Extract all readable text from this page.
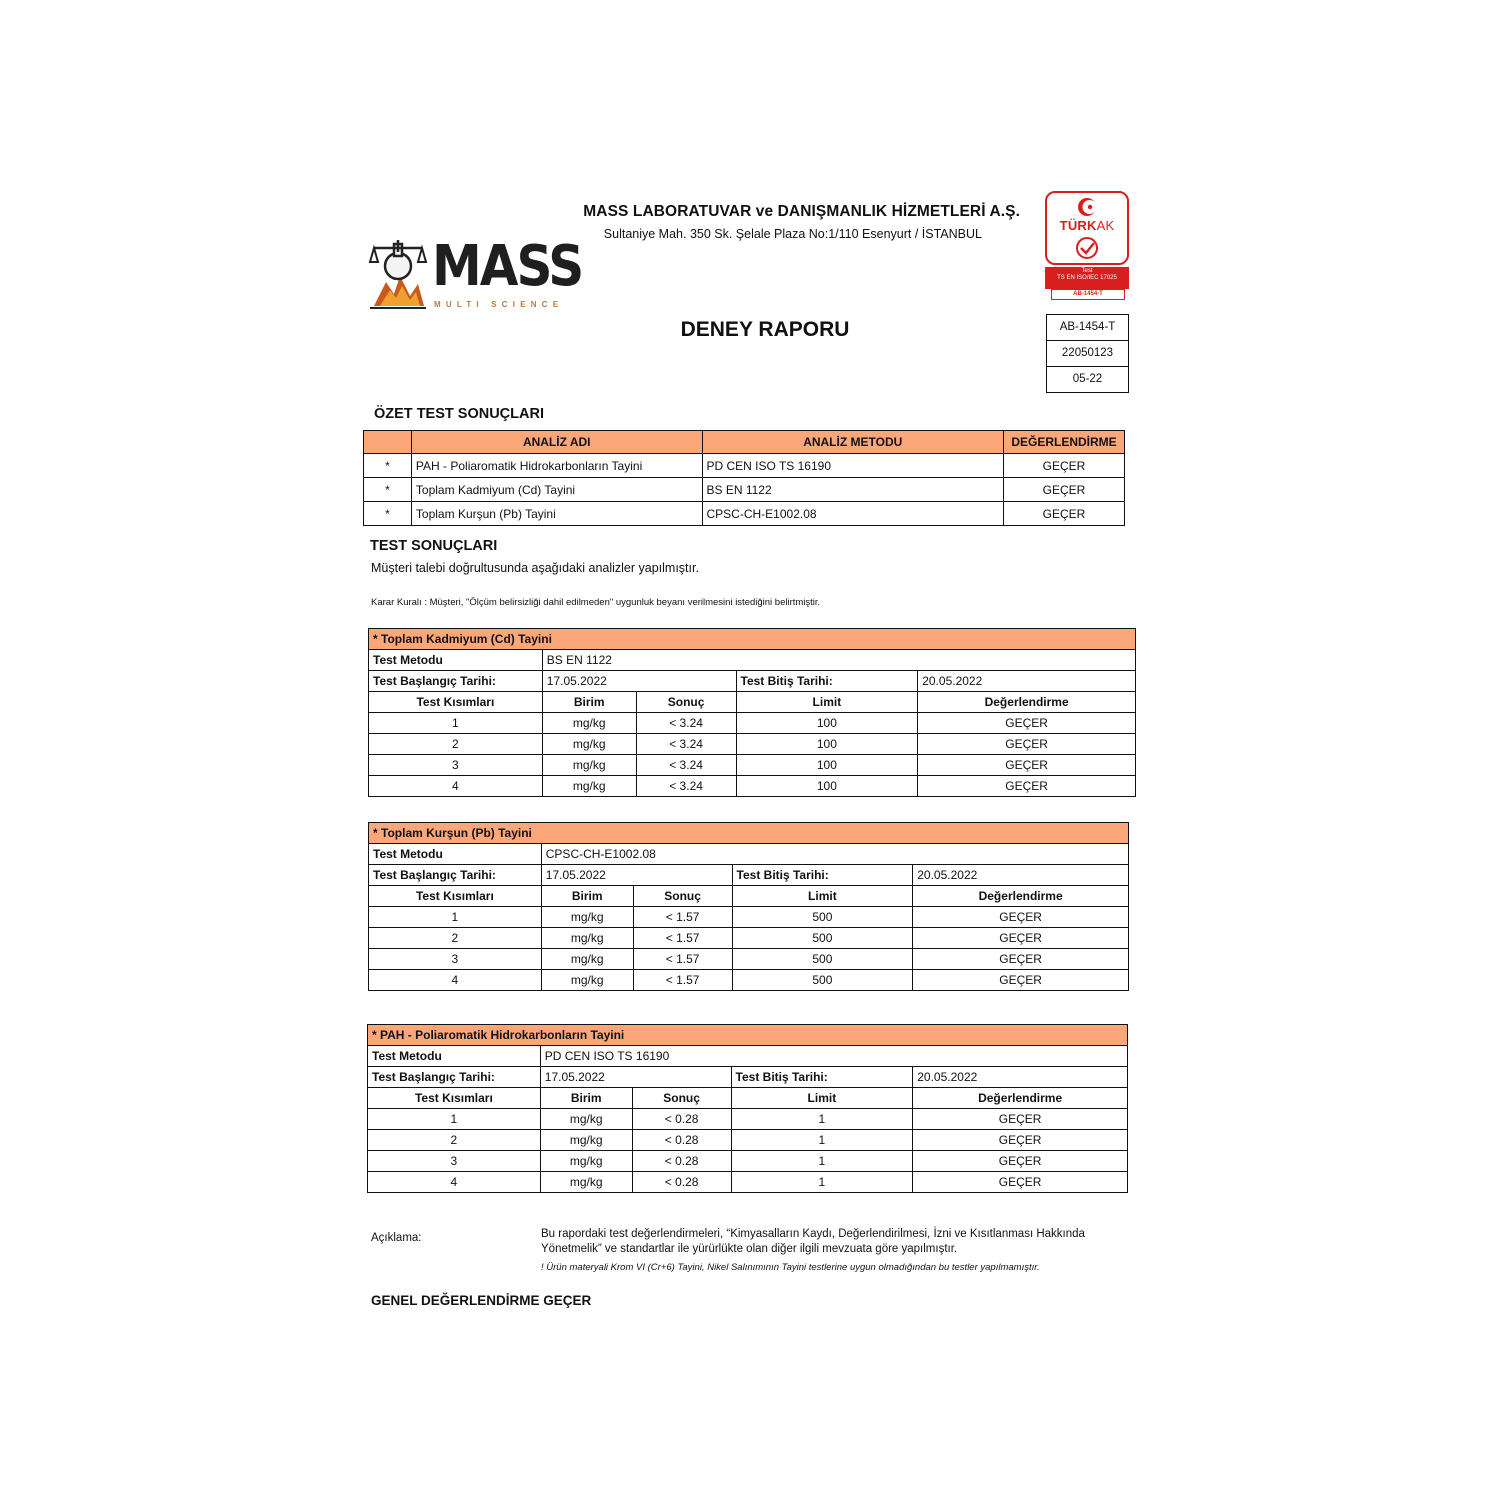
MASS LABORATUVAR ve DANIŞMANLIK HİZMETLERİ A.Ş.
Sultaniye Mah. 350 Sk. Şelale Plaza No:1/110 Esenyurt / İSTANBUL
MASS
MULTI SCIENCE
TÜRKAK
Test
TS EN ISO/IEC 17025
AB-1454-T
DENEY RAPORU	AB-1454-T
22050123
05-22
ÖZET TEST SONUÇLARI
	ANALİZ ADI	ANALİZ METODU	DEĞERLENDİRME
*	PAH - Poliaromatik Hidrokarbonların Tayini	PD CEN ISO TS 16190	GEÇER
*	Toplam Kadmiyum (Cd) Tayini	BS EN 1122	GEÇER
*	Toplam Kurşun (Pb) Tayini	CPSC-CH-E1002.08	GEÇER
TEST SONUÇLARI
Müşteri talebi doğrultusunda aşağıdaki analizler yapılmıştır.
Karar Kuralı : Müşteri, "Ölçüm belirsizliği dahil edilmeden" uygunluk beyanı verilmesini istediğini belirtmiştir.
* Toplam Kadmiyum (Cd) Tayini				
Test Metodu	BS EN 1122			
Test Başlangıç Tarihi:	17.05.2022		Test Bitiş Tarihi:	20.05.2022
Test Kısımları	Birim	Sonuç	Limit	Değerlendirme
1	mg/kg	< 3.24	100	GEÇER
2	mg/kg	< 3.24	100	GEÇER
3	mg/kg	< 3.24	100	GEÇER
4	mg/kg	< 3.24	100	GEÇER
* Toplam Kurşun (Pb) Tayini				
Test Metodu	CPSC-CH-E1002.08			
Test Başlangıç Tarihi:	17.05.2022		Test Bitiş Tarihi:	20.05.2022
Test Kısımları	Birim	Sonuç	Limit	Değerlendirme
1	mg/kg	< 1.57	500	GEÇER
2	mg/kg	< 1.57	500	GEÇER
3	mg/kg	< 1.57	500	GEÇER
4	mg/kg	< 1.57	500	GEÇER
* PAH - Poliaromatik Hidrokarbonların Tayini				
Test Metodu	PD CEN ISO TS 16190			
Test Başlangıç Tarihi:	17.05.2022		Test Bitiş Tarihi:	20.05.2022
Test Kısımları	Birim	Sonuç	Limit	Değerlendirme
1	mg/kg	< 0.28	1	GEÇER
2	mg/kg	< 0.28	1	GEÇER
3	mg/kg	< 0.28	1	GEÇER
4	mg/kg	< 0.28	1	GEÇER
Açıklama:	Bu rapordaki test değerlendirmeleri, “Kimyasalların Kaydı, Değerlendirilmesi, İzni ve Kısıtlanması Hakkında Yönetmelik” ve standartlar ile yürürlükte olan diğer ilgili mevzuata göre yapılmıştır.
! Ürün materyali Krom VI (Cr+6) Tayini, Nikel Salınımının Tayini testlerine uygun olmadığından bu testler yapılmamıştır.
GENEL DEĞERLENDİRME GEÇER
